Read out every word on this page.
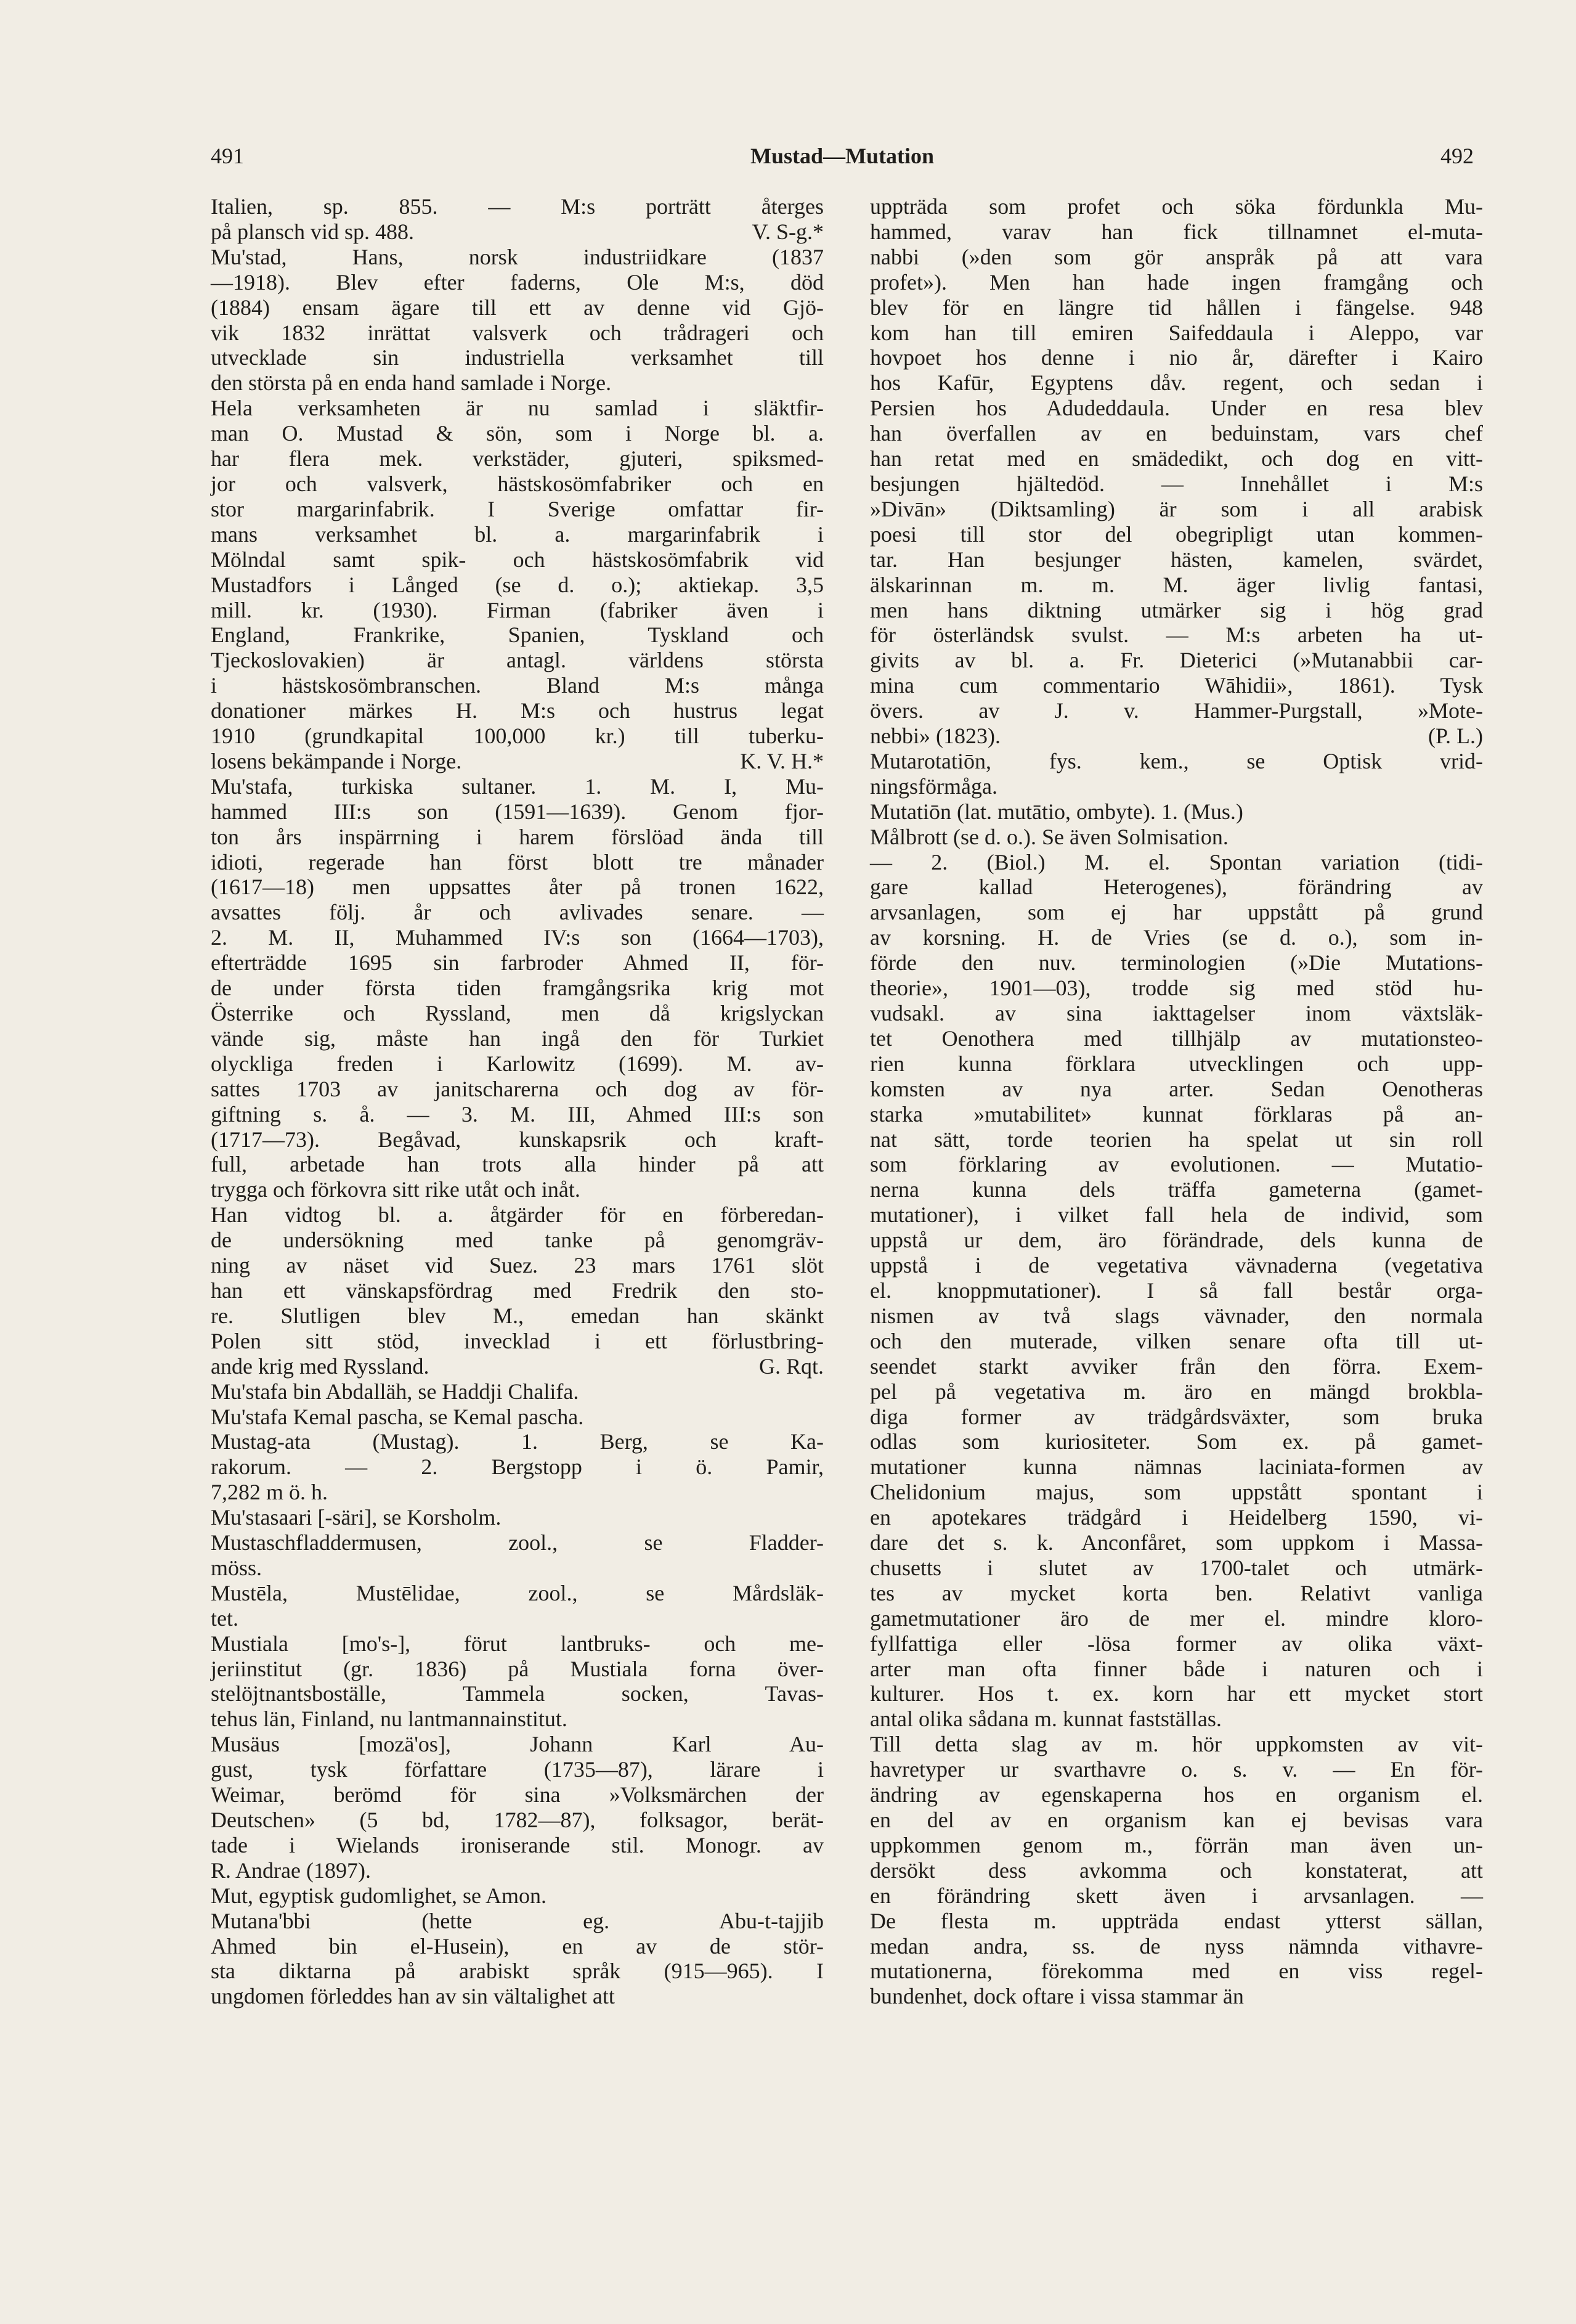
491	Mustad—Mutation	492
Italien, sp. 855. — M:s porträtt återges
på plansch vid sp. 488.	V. S-g.*
Mu'stad, Hans, norsk industriidkare (1837
—1918). Blev efter faderns, Ole M:s, död
(1884) ensam ägare till ett av denne vid Gjö-
vik 1832 inrättat valsverk och trådrageri och
utvecklade sin industriella verksamhet till
den största på en enda hand samlade i Norge.
Hela verksamheten är nu samlad i släktfir-
man O. Mustad & sön, som i Norge bl. a.
har flera mek. verkstäder, gjuteri, spiksmed-
jor och valsverk, hästskosömfabriker och en
stor margarinfabrik. I Sverige omfattar fir-
mans verksamhet bl. a. margarinfabrik i
Mölndal samt spik- och hästskosömfabrik vid
Mustadfors i Långed (se d. o.); aktiekap. 3,5
mill. kr. (1930). Firman (fabriker även i
England, Frankrike, Spanien, Tyskland och
Tjeckoslovakien) är antagl. världens största
i hästskosömbranschen. Bland M:s många
donationer märkes H. M:s och hustrus legat
1910 (grundkapital 100,000 kr.) till tuberku-
losens bekämpande i Norge.	K. V. H.*
Mu'stafa, turkiska sultaner. 1. M. I, Mu-
hammed III:s son (1591—1639). Genom fjor-
ton års inspärrning i harem förslöad ända till
idioti, regerade han först blott tre månader
(1617—18) men uppsattes åter på tronen 1622,
avsattes följ. år och avlivades senare. —
2. M. II, Muhammed IV:s son (1664—1703),
efterträdde 1695 sin farbroder Ahmed II, för-
de under första tiden framgångsrika krig mot
Österrike och Ryssland, men då krigslyckan
vände sig, måste han ingå den för Turkiet
olyckliga freden i Karlowitz (1699). M. av-
sattes 1703 av janitscharerna och dog av för-
giftning s. å. — 3. M. III, Ahmed III:s son
(1717—73). Begåvad, kunskapsrik och kraft-
full, arbetade han trots alla hinder på att
trygga och förkovra sitt rike utåt och inåt.
Han vidtog bl. a. åtgärder för en förberedan-
de undersökning med tanke på genomgräv-
ning av näset vid Suez. 23 mars 1761 slöt
han ett vänskapsfördrag med Fredrik den sto-
re. Slutligen blev M., emedan han skänkt
Polen sitt stöd, invecklad i ett förlustbring-
ande krig med Ryssland.	G. Rqt.
Mu'stafa bin Abdalläh, se Haddji Chalifa.
Mu'stafa Kemal pascha, se Kemal pascha.
Mustag-ata (Mustag). 1. Berg, se Ka-
rakorum. — 2. Bergstopp i ö. Pamir,
7,282 m ö. h.
Mu'stasaari [-säri], se Korsholm.
Mustaschfladdermusen, zool., se Fladder-
möss.
Mustēla, Mustēlidae, zool., se Mårdsläk-
tet.
Mustiala [mo's-], förut lantbruks- och me-
jeriinstitut (gr. 1836) på Mustiala forna över-
stelöjtnantsboställe, Tammela socken, Tavas-
tehus län, Finland, nu lantmannainstitut.
Musäus [mozä'os], Johann Karl Au-
gust, tysk författare (1735—87), lärare i
Weimar, berömd för sina »Volksmärchen der
Deutschen» (5 bd, 1782—87), folksagor, berät-
tade i Wielands ironiserande stil. Monogr. av
R. Andrae (1897).
Mut, egyptisk gudomlighet, se Amon.
Mutana'bbi (hette eg. Abu-t-tajjib
Ahmed bin el-Husein), en av de stör-
sta diktarna på arabiskt språk (915—965). I
ungdomen förleddes han av sin vältalighet att
uppträda som profet och söka fördunkla Mu-
hammed, varav han fick tillnamnet el-muta-
nabbi (»den som gör anspråk på att vara
profet»). Men han hade ingen framgång och
blev för en längre tid hållen i fängelse. 948
kom han till emiren Saifeddaula i Aleppo, var
hovpoet hos denne i nio år, därefter i Kairo
hos Kafūr, Egyptens dåv. regent, och sedan i
Persien hos Adudeddaula. Under en resa blev
han överfallen av en beduinstam, vars chef
han retat med en smädedikt, och dog en vitt-
besjungen hjältedöd. — Innehållet i M:s
»Divān» (Diktsamling) är som i all arabisk
poesi till stor del obegripligt utan kommen-
tar. Han besjunger hästen, kamelen, svärdet,
älskarinnan m. m. M. äger livlig fantasi,
men hans diktning utmärker sig i hög grad
för österländsk svulst. — M:s arbeten ha ut-
givits av bl. a. Fr. Dieterici (»Mutanabbii car-
mina cum commentario Wāhidii», 1861). Tysk
övers. av J. v. Hammer-Purgstall, »Mote-
nebbi» (1823).	(P. L.)
Mutarotatiōn, fys. kem., se Optisk vrid-
ningsförmåga.
Mutatiōn (lat. mutātio, ombyte). 1. (Mus.)
Målbrott (se d. o.). Se även Solmisation.
— 2. (Biol.) M. el. Spontan variation (tidi-
gare kallad Heterogenes), förändring av
arvsanlagen, som ej har uppstått på grund
av korsning. H. de Vries (se d. o.), som in-
förde den nuv. terminologien (»Die Mutations-
theorie», 1901—03), trodde sig med stöd hu-
vudsakl. av sina iakttagelser inom växtsläk-
tet Oenothera med tillhjälp av mutationsteo-
rien kunna förklara utvecklingen och upp-
komsten av nya arter. Sedan Oenotheras
starka »mutabilitet» kunnat förklaras på an-
nat sätt, torde teorien ha spelat ut sin roll
som förklaring av evolutionen. — Mutatio-
nerna kunna dels träffa gameterna (gamet-
mutationer), i vilket fall hela de individ, som
uppstå ur dem, äro förändrade, dels kunna de
uppstå i de vegetativa vävnaderna (vegetativa
el. knoppmutationer). I så fall består orga-
nismen av två slags vävnader, den normala
och den muterade, vilken senare ofta till ut-
seendet starkt avviker från den förra. Exem-
pel på vegetativa m. äro en mängd brokbla-
diga former av trädgårdsväxter, som bruka
odlas som kuriositeter. Som ex. på gamet-
mutationer kunna nämnas laciniata-formen av
Chelidonium majus, som uppstått spontant i
en apotekares trädgård i Heidelberg 1590, vi-
dare det s. k. Anconfåret, som uppkom i Massa-
chusetts i slutet av 1700-talet och utmärk-
tes av mycket korta ben. Relativt vanliga
gametmutationer äro de mer el. mindre kloro-
fyllfattiga eller -lösa former av olika växt-
arter man ofta finner både i naturen och i
kulturer. Hos t. ex. korn har ett mycket stort
antal olika sådana m. kunnat fastställas.
Till detta slag av m. hör uppkomsten av vit-
havretyper ur svarthavre o. s. v. — En för-
ändring av egenskaperna hos en organism el.
en del av en organism kan ej bevisas vara
uppkommen genom m., förrän man även un-
dersökt dess avkomma och konstaterat, att
en förändring skett även i arvsanlagen. —
De flesta m. uppträda endast ytterst sällan,
medan andra, ss. de nyss nämnda vithavre-
mutationerna, förekomma med en viss regel-
bundenhet, dock oftare i vissa stammar än
